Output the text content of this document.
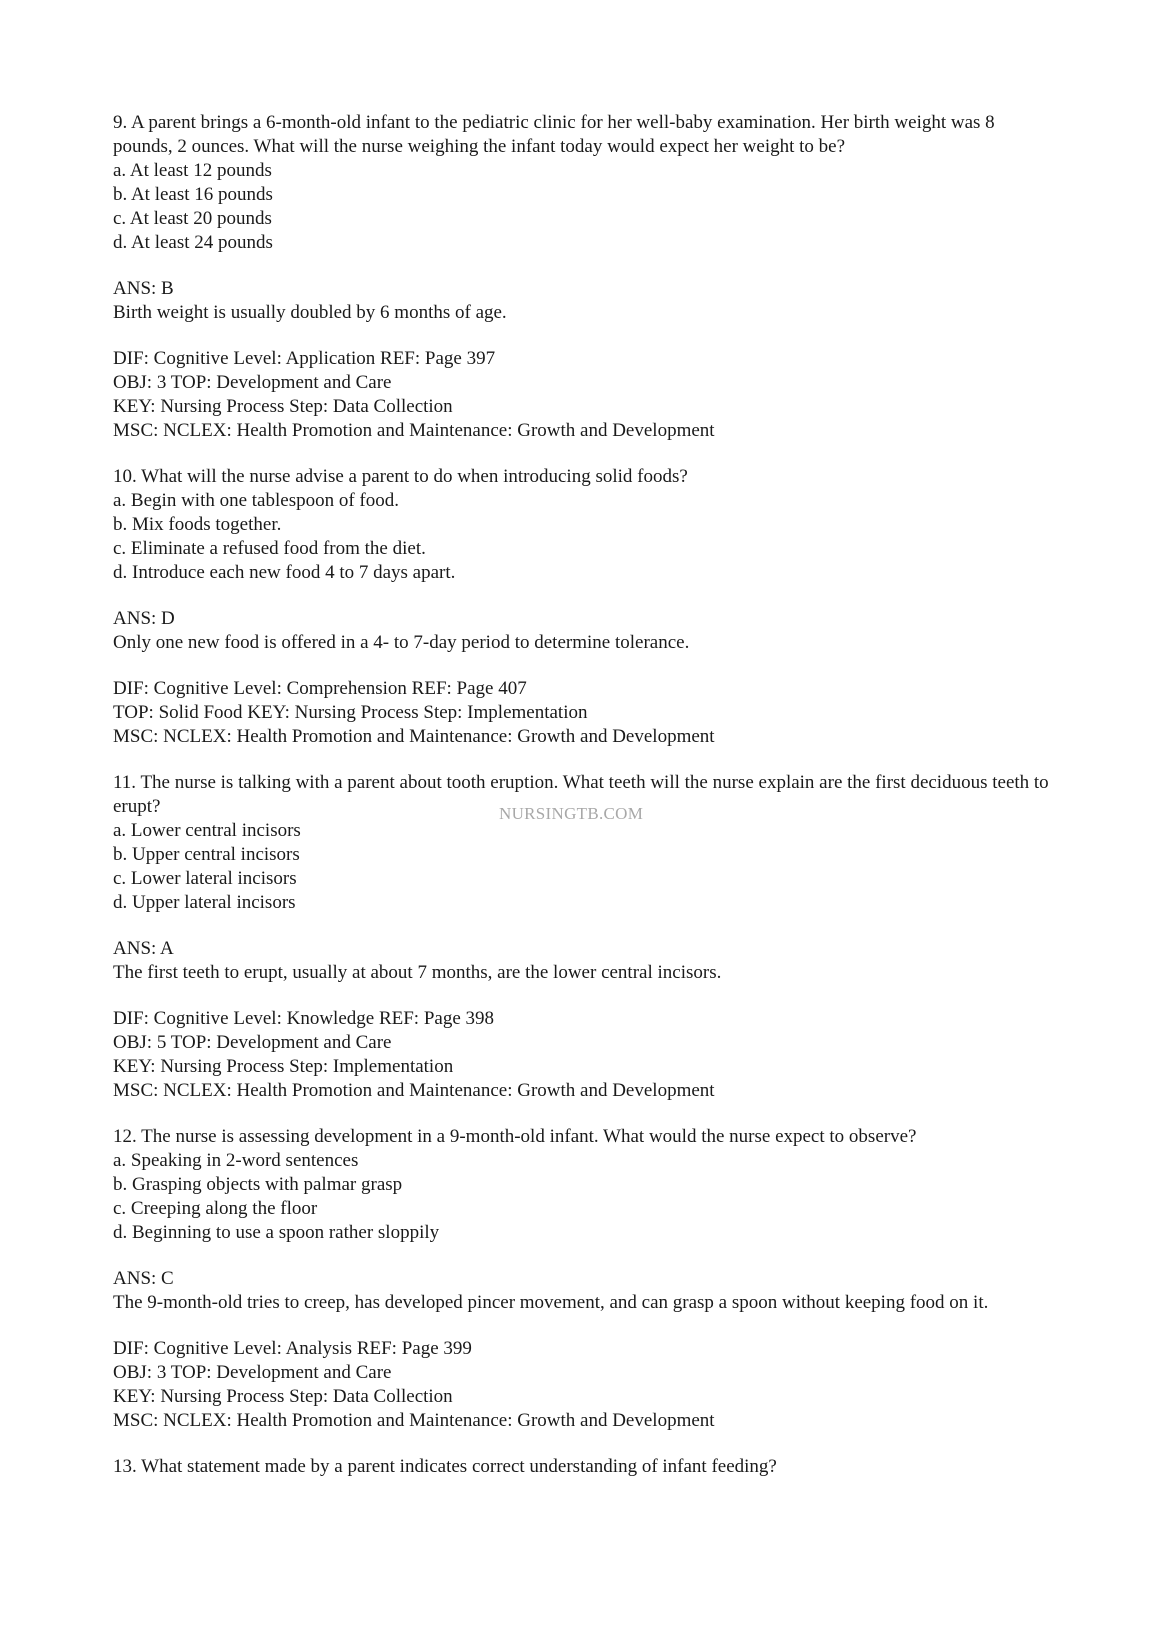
9. A parent brings a 6-month-old infant to the pediatric clinic for her well-baby examination. Her birth weight was 8 pounds, 2 ounces. What will the nurse weighing the infant today would expect her weight to be?
a. At least 12 pounds
b. At least 16 pounds
c. At least 20 pounds
d. At least 24 pounds
ANS: B
Birth weight is usually doubled by 6 months of age.
DIF: Cognitive Level: Application REF: Page 397
OBJ: 3 TOP: Development and Care
KEY: Nursing Process Step: Data Collection
MSC: NCLEX: Health Promotion and Maintenance: Growth and Development
10. What will the nurse advise a parent to do when introducing solid foods?
a. Begin with one tablespoon of food.
b. Mix foods together.
c. Eliminate a refused food from the diet.
d. Introduce each new food 4 to 7 days apart.
ANS: D
Only one new food is offered in a 4- to 7-day period to determine tolerance.
DIF: Cognitive Level: Comprehension REF: Page 407
TOP: Solid Food KEY: Nursing Process Step: Implementation
MSC: NCLEX: Health Promotion and Maintenance: Growth and Development
11. The nurse is talking with a parent about tooth eruption. What teeth will the nurse explain are the first deciduous teeth to erupt?
a. Lower central incisors
b. Upper central incisors
c. Lower lateral incisors
d. Upper lateral incisors
ANS: A
The first teeth to erupt, usually at about 7 months, are the lower central incisors.
DIF: Cognitive Level: Knowledge REF: Page 398
OBJ: 5 TOP: Development and Care
KEY: Nursing Process Step: Implementation
MSC: NCLEX: Health Promotion and Maintenance: Growth and Development
12. The nurse is assessing development in a 9-month-old infant. What would the nurse expect to observe?
a. Speaking in 2-word sentences
b. Grasping objects with palmar grasp
c. Creeping along the floor
d. Beginning to use a spoon rather sloppily
ANS: C
The 9-month-old tries to creep, has developed pincer movement, and can grasp a spoon without keeping food on it.
DIF: Cognitive Level: Analysis REF: Page 399
OBJ: 3 TOP: Development and Care
KEY: Nursing Process Step: Data Collection
MSC: NCLEX: Health Promotion and Maintenance: Growth and Development
13. What statement made by a parent indicates correct understanding of infant feeding?
NURSINGTB.COM
